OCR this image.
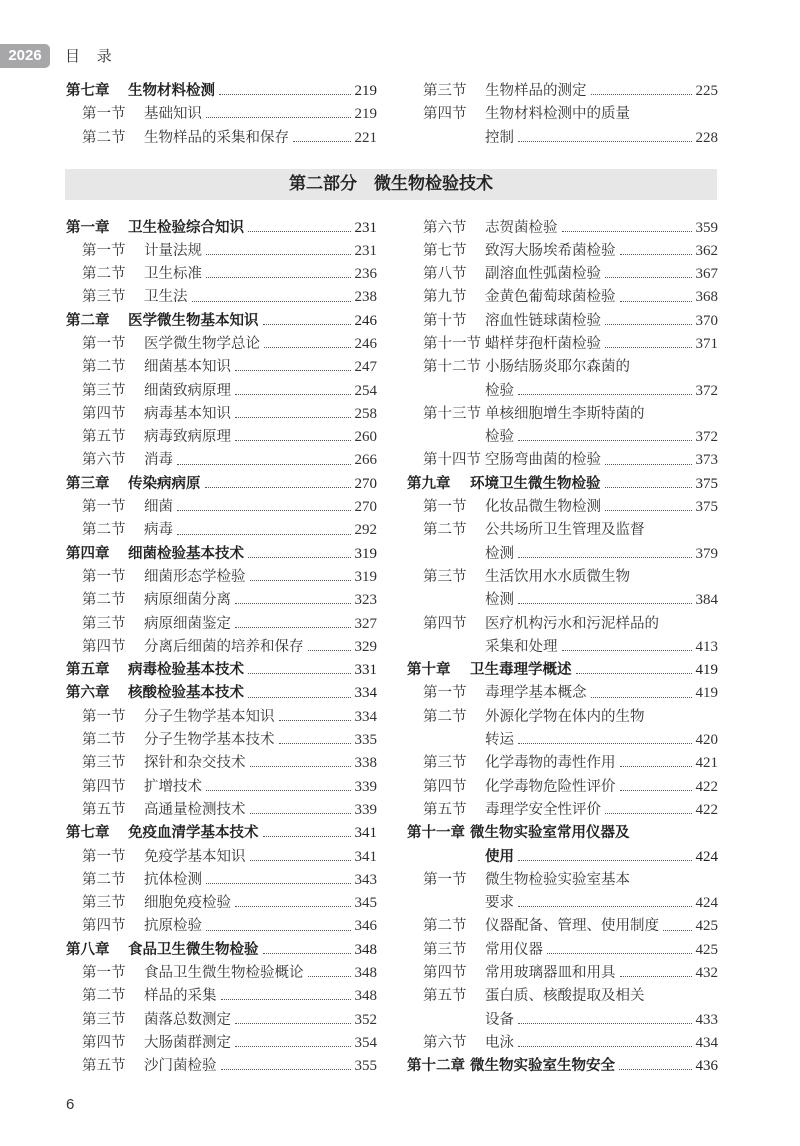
2026	目 录
第七章 生物材料检测	219
第一节 基础知识	219
第二节 生物样品的采集和保存	221
第三节 生物样品的测定	225
第四节 生物材料检测中的质量
控制	228
第二部分　微生物检验技术
第一章 卫生检验综合知识	231
第一节 计量法规	231
第二节 卫生标准	236
第三节 卫生法	238
第二章 医学微生物基本知识	246
第一节 医学微生物学总论	246
第二节 细菌基本知识	247
第三节 细菌致病原理	254
第四节 病毒基本知识	258
第五节 病毒致病原理	260
第六节 消毒	266
第三章 传染病病原	270
第一节 细菌	270
第二节 病毒	292
第四章 细菌检验基本技术	319
第一节 细菌形态学检验	319
第二节 病原细菌分离	323
第三节 病原细菌鉴定	327
第四节 分离后细菌的培养和保存	329
第五章 病毒检验基本技术	331
第六章 核酸检验基本技术	334
第一节 分子生物学基本知识	334
第二节 分子生物学基本技术	335
第三节 探针和杂交技术	338
第四节 扩增技术	339
第五节 高通量检测技术	339
第七章 免疫血清学基本技术	341
第一节 免疫学基本知识	341
第二节 抗体检测	343
第三节 细胞免疫检验	345
第四节 抗原检验	346
第八章 食品卫生微生物检验	348
第一节 食品卫生微生物检验概论	348
第二节 样品的采集	348
第三节 菌落总数测定	352
第四节 大肠菌群测定	354
第五节 沙门菌检验	355
第六节 志贺菌检验	359
第七节 致泻大肠埃希菌检验	362
第八节 副溶血性弧菌检验	367
第九节 金黄色葡萄球菌检验	368
第十节 溶血性链球菌检验	370
第十一节 蜡样芽孢杆菌检验	371
第十二节 小肠结肠炎耶尔森菌的
检验	372
第十三节 单核细胞增生李斯特菌的
检验	372
第十四节 空肠弯曲菌的检验	373
第九章 环境卫生微生物检验	375
第一节 化妆品微生物检测	375
第二节 公共场所卫生管理及监督
检测	379
第三节 生活饮用水水质微生物
检测	384
第四节 医疗机构污水和污泥样品的
采集和处理	413
第十章 卫生毒理学概述	419
第一节 毒理学基本概念	419
第二节 外源化学物在体内的生物
转运	420
第三节 化学毒物的毒性作用	421
第四节 化学毒物危险性评价	422
第五节 毒理学安全性评价	422
第十一章 微生物实验室常用仪器及
使用	424
第一节 微生物检验实验室基本
要求	424
第二节 仪器配备、管理、使用制度 425
第三节 常用仪器	425
第四节 常用玻璃器皿和用具	432
第五节 蛋白质、核酸提取及相关
设备	433
第六节 电泳	434
第十二章 微生物实验室生物安全	436
6
